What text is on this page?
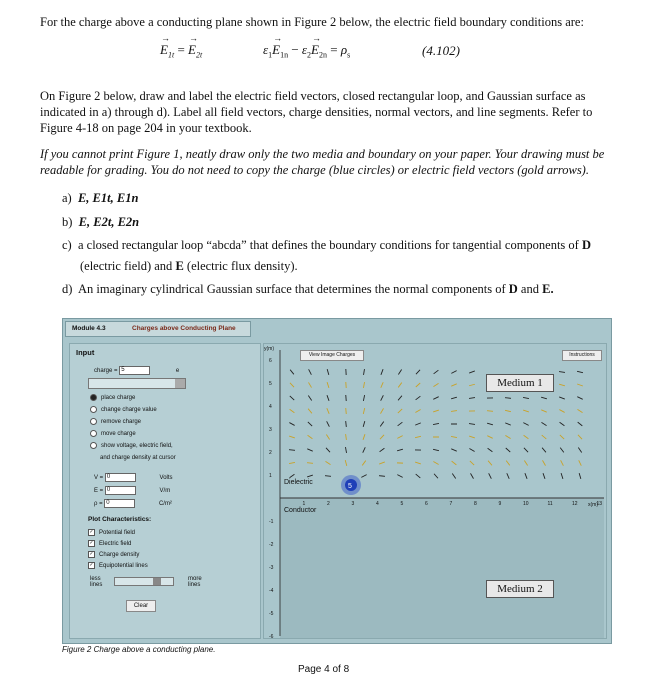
For the charge above a conducting plane shown in Figure 2 below, the electric field boundary conditions are:
E
→
$_{1t}$ = E
→
$_{2t}$	$\varepsilon_1E$
→
$_{1n} - \varepsilon_2E$
→
$_{2n} = \rho_s$	(4.102)
On Figure 2 below, draw and label the electric field vectors, closed rectangular loop, and Gaussian surface as indicated in a) through d). Label all field vectors, charge densities, normal vectors, and line segments. Refer to Figure 4-18 on page 204 in your textbook.
If you cannot print Figure 1, neatly draw only the two media and boundary on your paper. Your drawing must be readable for grading. You do not need to copy the charge (blue circles) or electric field vectors (gold arrows).
a) E, E1t, E1n
b) E, E2t, E2n
c) a closed rectangular loop “abcda” that defines the boundary conditions for tangential components of D
(electric field) and E (electric flux density).
d) An imaginary cylindrical Gaussian surface that determines the normal components of D and E.
Module 4.3	Charges above Conducting Plane
Input
charge = 5	e
place charge
change charge value
remove charge
move charge
show voltage, electric field,
and charge density at cursor
V = 0	Volts
E = 0	V/m
ρ = 0	C/m²
Plot Characteristics:
✓ Potential field
✓ Electric field
✓ Charge density
✓ Equipotential lines
less lines
more lines
Clear
6
5
4
3
2
1
-1
-2
-3
-4
-5
-6
1	2	3	4	5	6	7	8	9	10	11	12	13
5
Dielectric
Conductor
y(m)
x(m)
View Image Charges	Instructions
Medium 1
Medium 2
Figure 2 Charge above a conducting plane.
Page 4 of 8
